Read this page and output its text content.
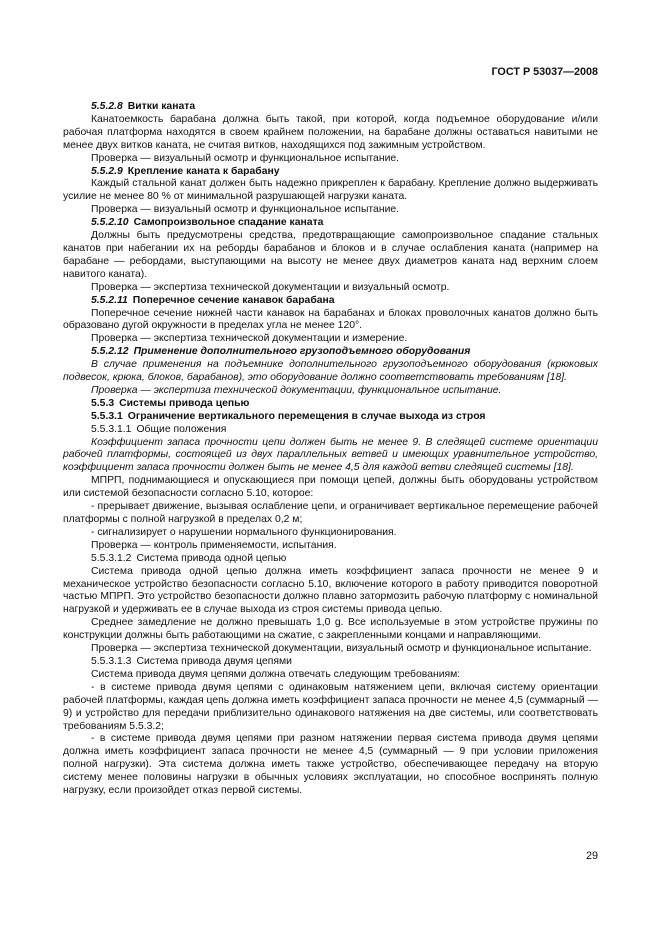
ГОСТ Р 53037—2008

5.5.2.8 Витки каната

Канатоемкость барабана должна быть такой, при которой, когда подъемное оборудование и/или рабочая платформа находятся в своем крайнем положении, на барабане должны оставаться навитыми не менее двух витков каната, не считая витков, находящихся под зажимным устройством.

Проверка — визуальный осмотр и функциональное испытание.

5.5.2.9 Крепление каната к барабану

Каждый стальной канат должен быть надежно прикреплен к барабану. Крепление должно выдерживать усилие не менее 80 % от минимальной разрушающей нагрузки каната.

Проверка — визуальный осмотр и функциональное испытание.

5.5.2.10 Самопроизвольное спадание каната

Должны быть предусмотрены средства, предотвращающие самопроизвольное спадание стальных канатов при набегании их на реборды барабанов и блоков и в случае ослабления каната (например на барабане — ребордами, выступающими на высоту не менее двух диаметров каната над верхним слоем навитого каната).

Проверка — экспертиза технической документации и визуальный осмотр.

5.5.2.11 Поперечное сечение канавок барабана

Поперечное сечение нижней части канавок на барабанах и блоках проволочных канатов должно быть образовано дугой окружности в пределах угла не менее 120°.

Проверка — экспертиза технической документации и измерение.

5.5.2.12 Применение дополнительного грузоподъемного оборудования

В случае применения на подъемнике дополнительного грузоподъемного оборудования (крюковых подвесок, крюка, блоков, барабанов), это оборудование должно соответствовать требованиям [18].

Проверка — экспертиза технической документации, функциональное испытание.

5.5.3 Системы привода цепью

5.5.3.1 Ограничение вертикального перемещения в случае выхода из строя

5.5.3.1.1 Общие положения

Коэффициент запаса прочности цепи должен быть не менее 9. В следящей системе ориентации рабочей платформы, состоящей из двух параллельных ветвей и имеющих уравнительное устройство, коэффициент запаса прочности должен быть не менее 4,5 для каждой ветви следящей системы [18].

МПРП, поднимающиеся и опускающиеся при помощи цепей, должны быть оборудованы устройством или системой безопасности согласно 5.10, которое:

- прерывает движение, вызывая ослабление цепи, и ограничивает вертикальное перемещение рабочей платформы с полной нагрузкой в пределах 0,2 м;

- сигнализирует о нарушении нормального функционирования.

Проверка — контроль применяемости, испытания.

5.5.3.1.2 Система привода одной цепью

Система привода одной цепью должна иметь коэффициент запаса прочности не менее 9 и механическое устройство безопасности согласно 5.10, включение которого в работу приводится поворотной частью МПРП. Это устройство безопасности должно плавно затормозить рабочую платформу с номинальной нагрузкой и удерживать ее в случае выхода из строя системы привода цепью.

Среднее замедление не должно превышать 1,0 g. Все используемые в этом устройстве пружины по конструкции должны быть работающими на сжатие, с закрепленными концами и направляющими.

Проверка — экспертиза технической документации, визуальный осмотр и функциональное испытание.

5.5.3.1.3 Система привода двумя цепями

Система привода двумя цепями должна отвечать следующим требованиям:

- в системе привода двумя цепями с одинаковым натяжением цепи, включая систему ориентации рабочей платформы, каждая цепь должна иметь коэффициент запаса прочности не менее 4,5 (суммарный — 9) и устройство для передачи приблизительно одинакового натяжения на две системы, или соответствовать требованиям 5.5.3.2;

- в системе привода двумя цепями при разном натяжении первая система привода двумя цепями должна иметь коэффициент запаса прочности не менее 4,5 (суммарный — 9 при условии приложения полной нагрузки). Эта система должна иметь также устройство, обеспечивающее передачу на вторую систему менее половины нагрузки в обычных условиях эксплуатации, но способное воспринять полную нагрузку, если произойдет отказ первой системы.

29
